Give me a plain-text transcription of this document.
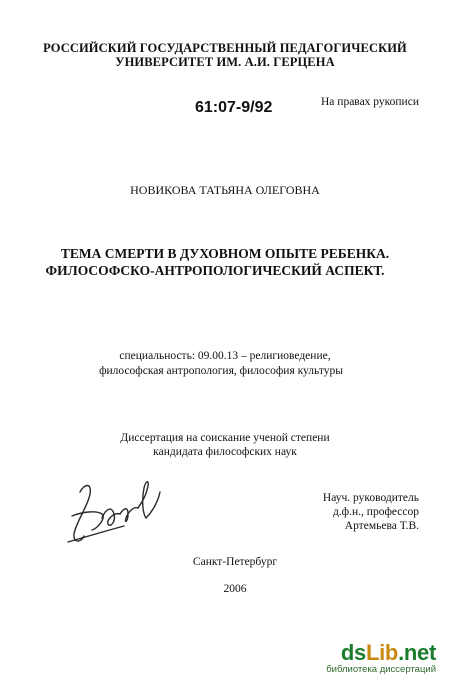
РОССИЙСКИЙ ГОСУДАРСТВЕННЫЙ ПЕДАГОГИЧЕСКИЙ
УНИВЕРСИТЕТ ИМ. А.И. ГЕРЦЕНА
61:07-9/92	На правах рукописи
НОВИКОВА ТАТЬЯНА ОЛЕГОВНА
ТЕМА СМЕРТИ В ДУХОВНОМ ОПЫТЕ РЕБЕНКА.
ФИЛОСОФСКО-АНТРОПОЛОГИЧЕСКИЙ АСПЕКТ.
специальность: 09.00.13 – религиоведение,
философская антропология, философия культуры
Диссертация на соискание ученой степени
кандидата философских наук
Науч. руководитель
д.ф.н., профессор
Артемьева Т.В.
Санкт-Петербург
2006
dsLib.net
библиотека диссертаций
